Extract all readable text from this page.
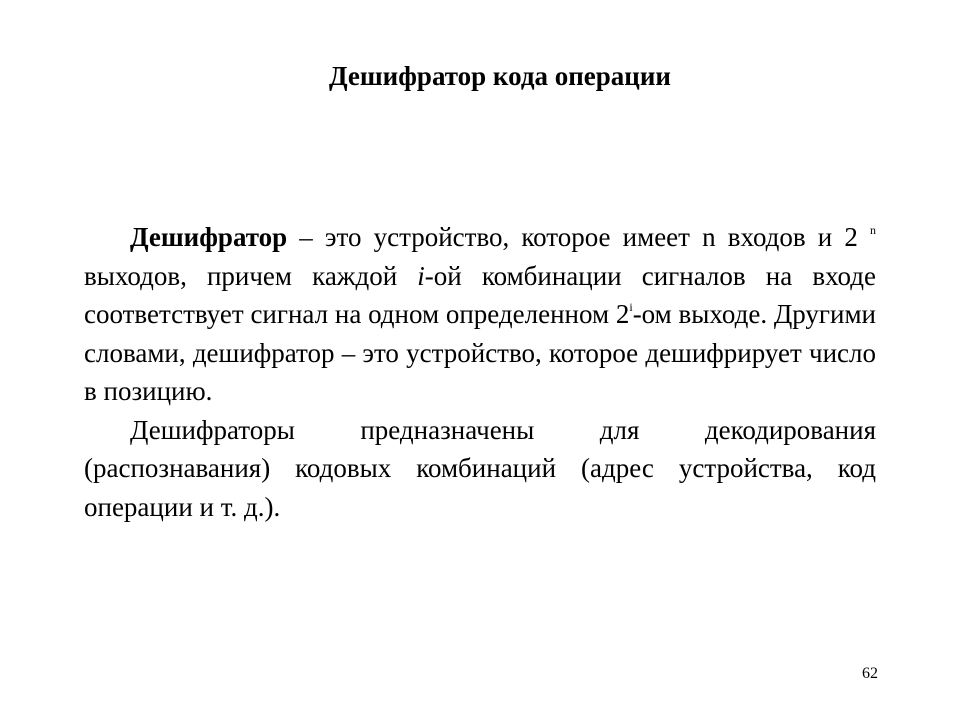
Дешифратор кода операции

Дешифратор – это устройство, которое имеет n входов и 2 $^n$ выходов, причем каждой i-ой комбинации сигналов на входе соответствует сигнал на одном определенном 2$^i$-ом выходе. Другими словами, дешифратор – это устройство, которое дешифрирует число в позицию.

Дешифраторы предназначены для декодирования (распознавания) кодовых комбинаций (адрес устройства, код операции и т. д.).

62
